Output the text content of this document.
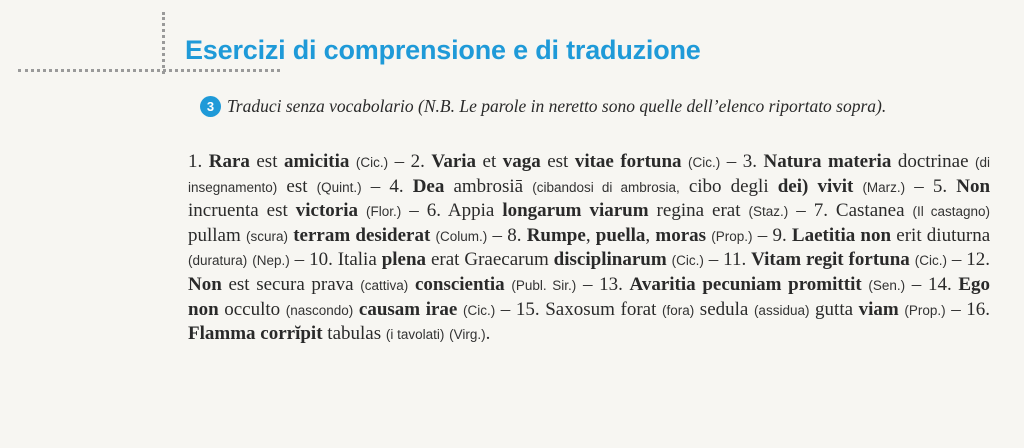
Esercizi di comprensione e di traduzione

3 Traduci senza vocabolario (N.B. Le parole in neretto sono quelle dell’elenco riportato sopra).

1. Rara est amicitia (Cic.) – 2. Varia et vaga est vitae fortuna (Cic.) – 3. Natura materia doctrinae (di insegnamento) est (Quint.) – 4. Dea ambrosiā (cibandosi di ambrosia, cibo degli dei) vivit (Marz.) – 5. Non incruenta est victoria (Flor.) – 6. Appia longarum viarum regina erat (Staz.) – 7. Castanea (Il castagno) pullam (scura) terram desiderat (Colum.) – 8. Rumpe, puella, moras (Prop.) – 9. Laetitia non erit diuturna (duratura) (Nep.) – 10. Italia plena erat Graecarum disciplinarum (Cic.) – 11. Vitam regit fortuna (Cic.) – 12. Non est secura prava (cattiva) conscientia (Publ. Sir.) – 13. Avaritia pecuniam promittit (Sen.) – 14. Ego non occulto (nascondo) causam irae (Cic.) – 15. Saxosum forat (fora) sedula (assidua) gutta viam (Prop.) – 16. Flamma corrĭpit tabulas (i tavolati) (Virg.).
